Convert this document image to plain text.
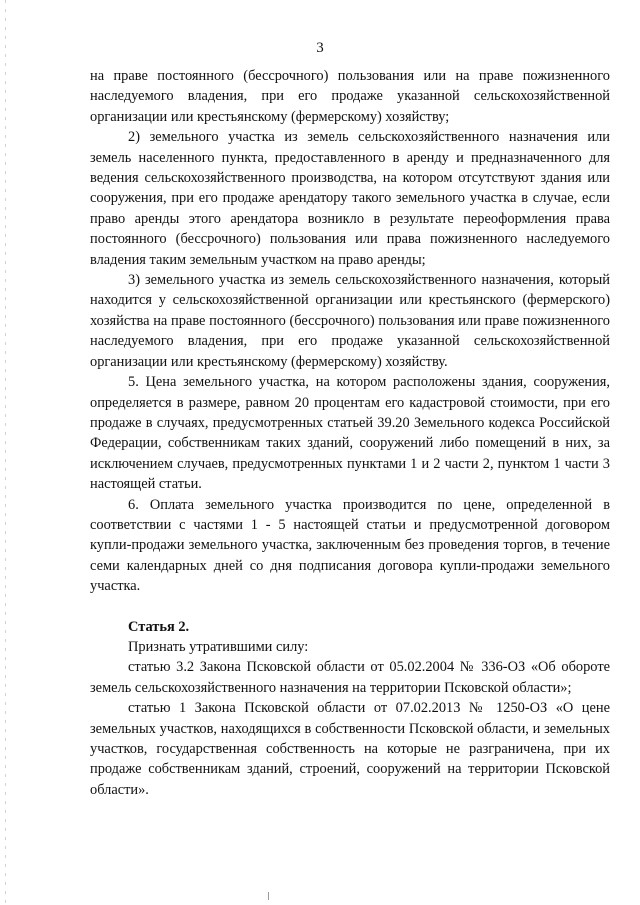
3

на праве постоянного (бессрочного) пользования или на праве пожизненного наследуемого владения, при его продаже указанной сельскохозяйственной организации или крестьянскому (фермерскому) хозяйству;

2) земельного участка из земель сельскохозяйственного назначения или земель населенного пункта, предоставленного в аренду и предназначенного для ведения сельскохозяйственного производства, на котором отсутствуют здания или сооружения, при его продаже арендатору такого земельного участка в случае, если право аренды этого арендатора возникло в результате переоформления права постоянного (бессрочного) пользования или права пожизненного наследуемого владения таким земельным участком на право аренды;

3) земельного участка из земель сельскохозяйственного назначения, который находится у сельскохозяйственной организации или крестьянского (фермерского) хозяйства на праве постоянного (бессрочного) пользования или праве пожизненного наследуемого владения, при его продаже указанной сельскохозяйственной организации или крестьянскому (фермерскому) хозяйству.

5. Цена земельного участка, на котором расположены здания, сооружения, определяется в размере, равном 20 процентам его кадастровой стоимости, при его продаже в случаях, предусмотренных статьей 39.20 Земельного кодекса Российской Федерации, собственникам таких зданий, сооружений либо помещений в них, за исключением случаев, предусмотренных пунктами 1 и 2 части 2, пунктом 1 части 3 настоящей статьи.

6. Оплата земельного участка производится по цене, определенной в соответствии с частями 1 - 5 настоящей статьи и предусмотренной договором купли-продажи земельного участка, заключенным без проведения торгов, в течение семи календарных дней со дня подписания договора купли-продажи земельного участка.

Статья 2.

Признать утратившими силу:

статью 3.2 Закона Псковской области от 05.02.2004 № 336-ОЗ «Об обороте земель сельскохозяйственного назначения на территории Псковской области»;

статью 1 Закона Псковской области от 07.02.2013 № 1250-ОЗ «О цене земельных участков, находящихся в собственности Псковской области, и земельных участков, государственная собственность на которые не разграничена, при их продаже собственникам зданий, строений, сооружений на территории Псковской области».
